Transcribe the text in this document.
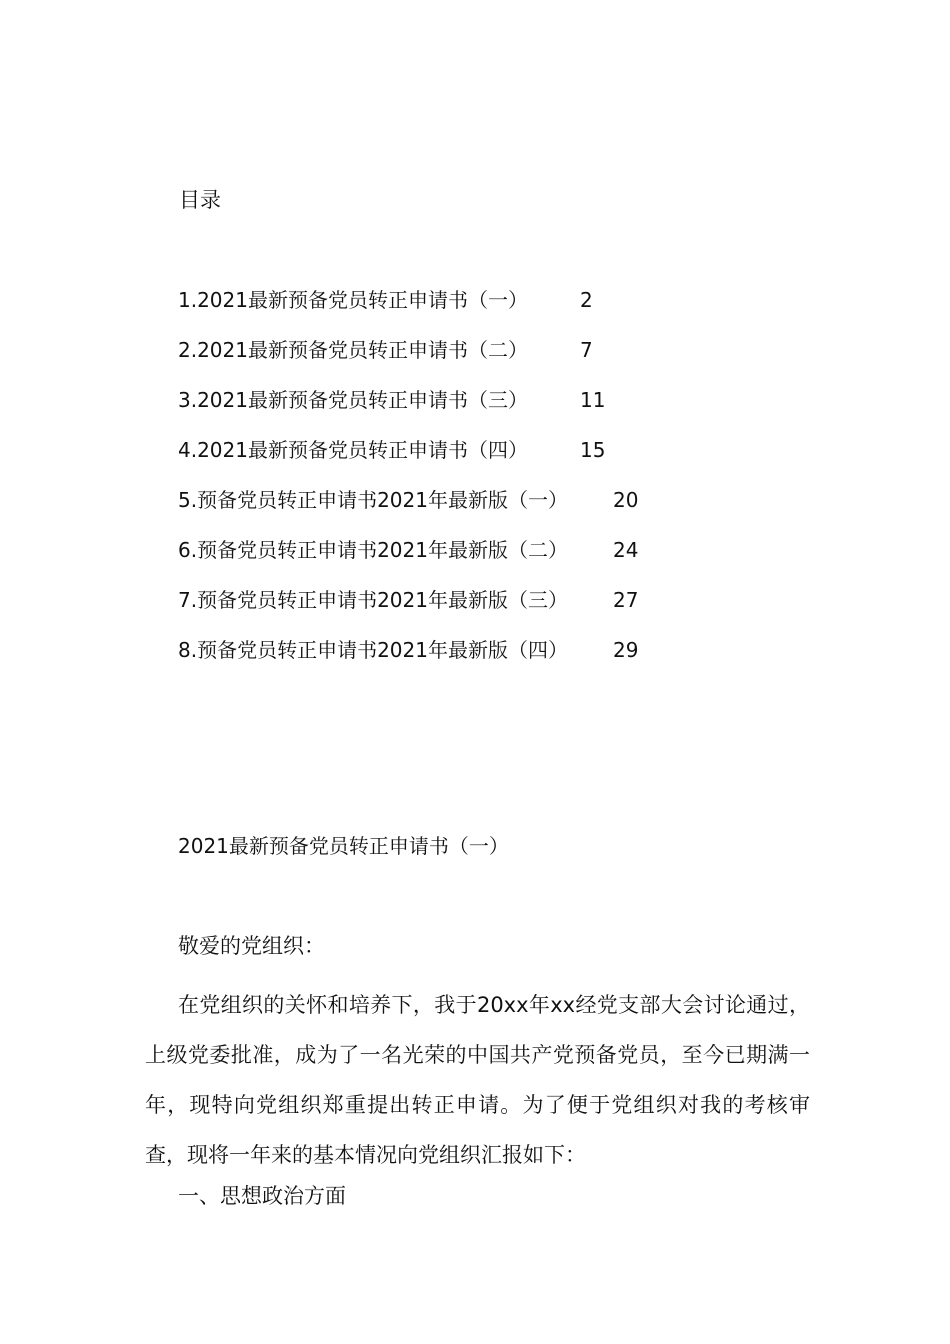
目录
1.2021最新预备党员转正申请书（一）	2
2.2021最新预备党员转正申请书（二）	7
3.2021最新预备党员转正申请书（三）	11
4.2021最新预备党员转正申请书（四）	15
5.预备党员转正申请书2021年最新版（一） 20
6.预备党员转正申请书2021年最新版（二） 24
7.预备党员转正申请书2021年最新版（三） 27
8.预备党员转正申请书2021年最新版（四） 29
2021最新预备党员转正申请书（一）

敬爱的党组织：

在党组织的关怀和培养下，我于20xx年xx经党支部大会讨论通过，上级党委批准，成为了一名光荣的中国共产党预备党员，至今已期满一年，现特向党组织郑重提出转正申请。为了便于党组织对我的考核审查，现将一年来的基本情况向党组织汇报如下：

一、思想政治方面
